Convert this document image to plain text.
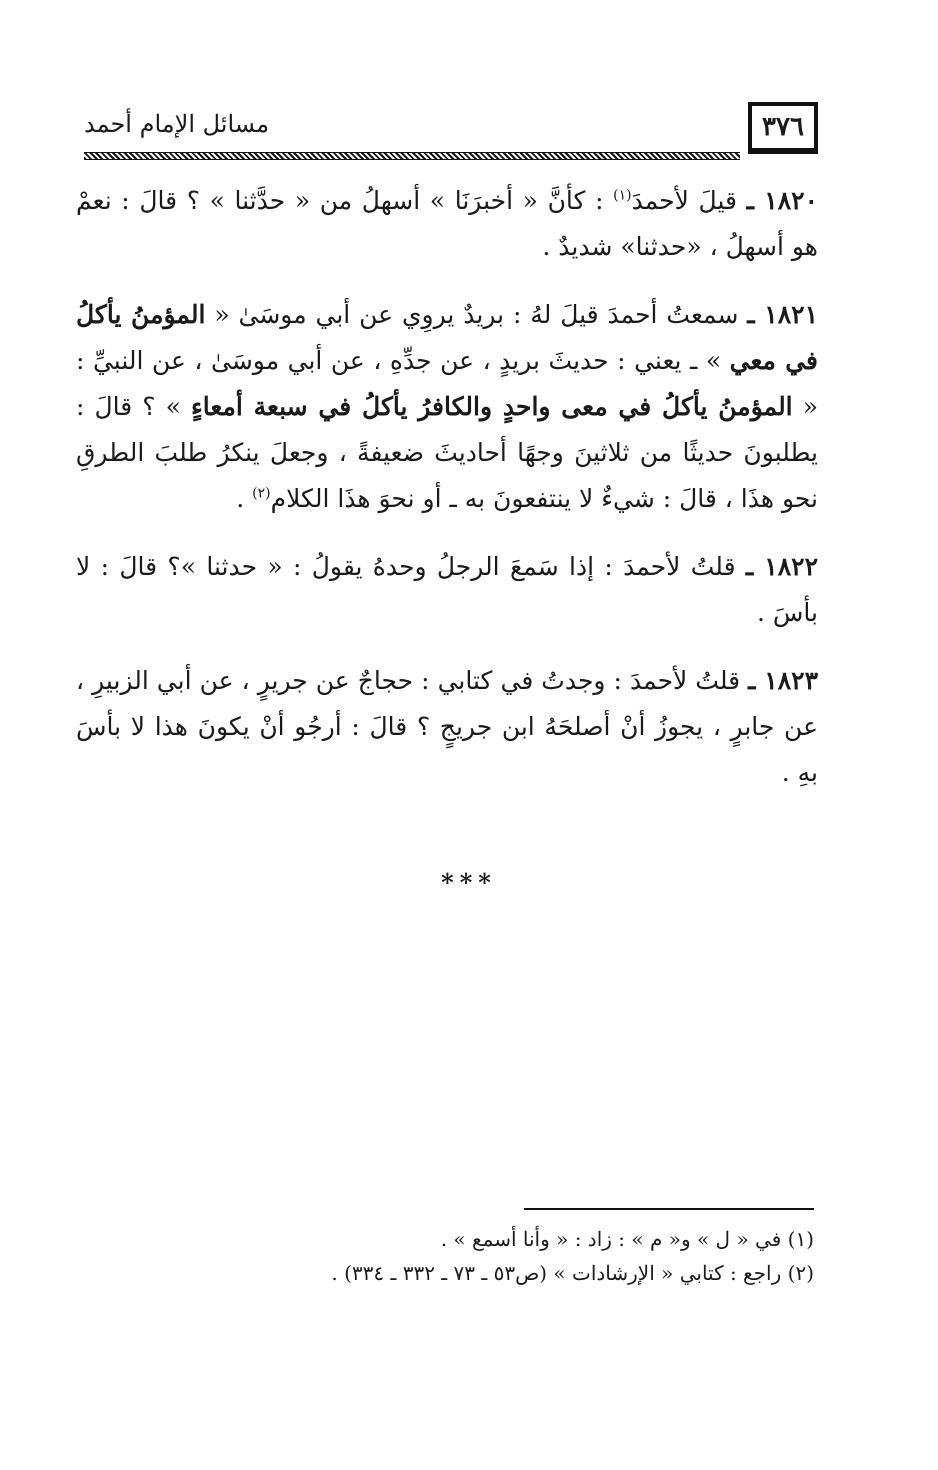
٣٧٦
مسائل الإمام أحمد

١٨٢٠ ـ قيلَ لأحمدَ$^{(١)}$ : كأنَّ « أخبرَنَا » أسهلُ من « حدَّثنا » ؟ قالَ : نعمْ هو أسهلُ ، «حدثنا» شديدٌ .

١٨٢١ ـ سمعتُ أحمدَ قيلَ لهُ : بريدٌ يروِي عن أبي موسَىٰ « المؤمنُ يأكلُ في معي » ـ يعني : حديثَ بريدٍ ، عن جدِّهِ ، عن أبي موسَىٰ ، عن النبيِّ : « المؤمنُ يأكلُ في معى واحدٍ والكافرُ يأكلُ في سبعة أمعاءٍ » ؟ قالَ : يطلبونَ حديثًا من ثلاثينَ وجهًا أحاديثَ ضعيفةً ، وجعلَ ينكرُ طلبَ الطرقِ نحو هذَا ، قالَ : شيءٌ لا ينتفعونَ به ـ أو نحوَ هذَا الكلام$^{(٢)}$ .

١٨٢٢ ـ قلتُ لأحمدَ : إذا سَمعَ الرجلُ وحدهُ يقولُ : « حدثنا »؟ قالَ : لا بأسَ .

١٨٢٣ ـ قلتُ لأحمدَ : وجدتُ في كتابي : حجاجٌ عن جريرٍ ، عن أبي الزبيرِ ، عن جابرٍ ، يجوزُ أنْ أصلحَهُ ابن جريجٍ ؟ قالَ : أرجُو أنْ يكونَ هذا لا بأسَ بهِ .

***
(١) في « ل » و« م » : زاد : « وأنا أسمع » .
(٢) راجع : كتابي « الإرشادات » (ص٥٣ ـ ٧٣ ـ ٣٣٢ ـ ٣٣٤) .
